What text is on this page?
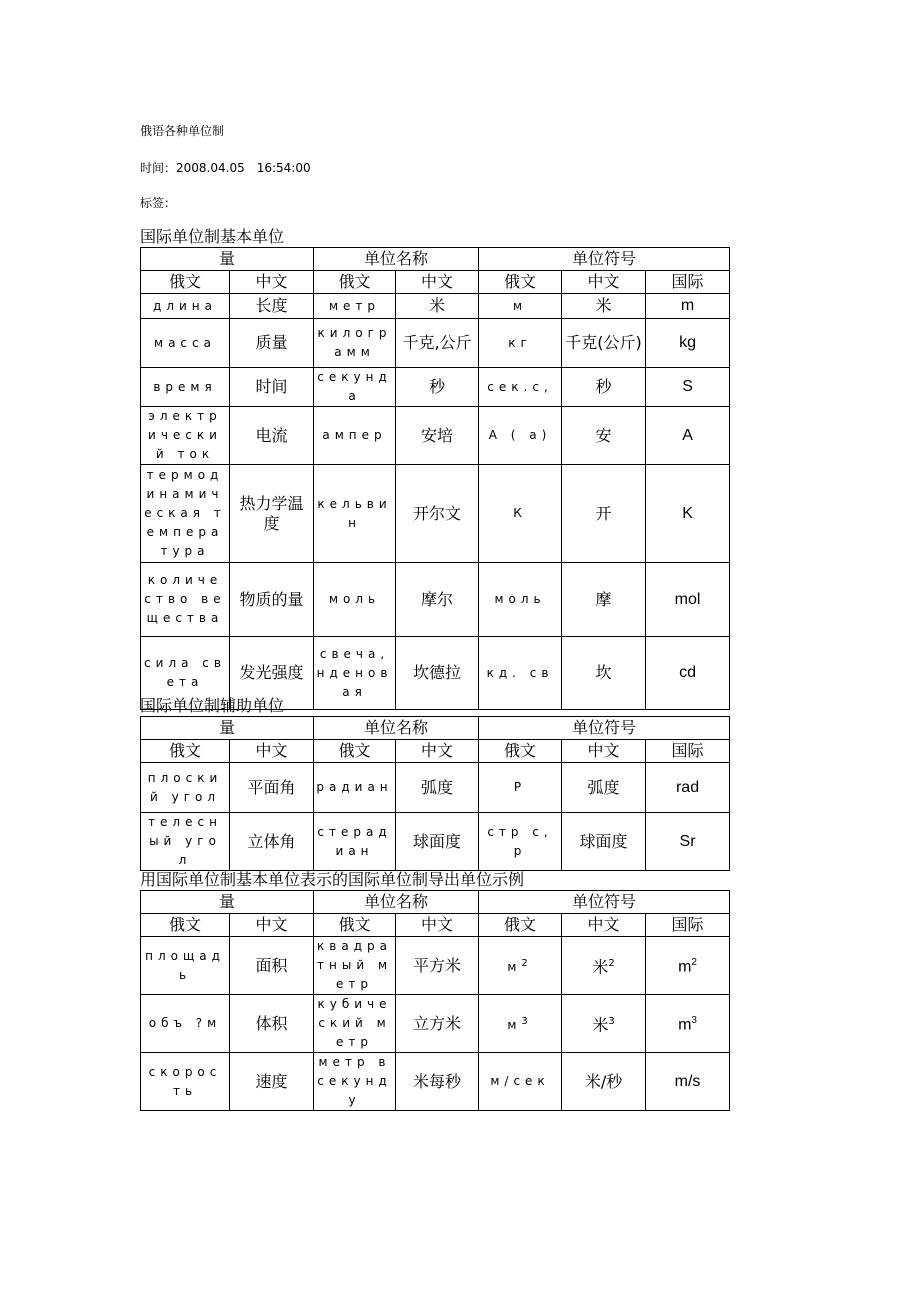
俄语各种单位制
时间：2008.04.05　16:54:00
标签：
国际单位制基本单位
量		单位名称		单位符号		
俄文	中文	俄文	中文	俄文	中文	国际
длина	长度	метр	米	м	米	m
масса	质量	килограмм	千克,公斤	кг	千克(公斤)	kg
время	时间	секунда	秒	сек.с,	秒	S
электрический ток	电流	ампер	安培	А ( а)	安	A
термодинамическая температура	热力学温度	кельвин	开尔文	К	开	K
количество вещества	物质的量	моль	摩尔	моль	摩	mol
сила света	发光强度	свеча, нденовая	坎德拉	кд. св	坎	cd
国际单位制辅助单位
量		单位名称		单位符号		
俄文	中文	俄文	中文	俄文	中文	国际
плоский угол	平面角	радиан	弧度	Р	弧度	rad
телесный угол	立体角	стерадиан	球面度	стр с,р	球面度	Sr
用国际单位制基本单位表示的国际单位制导出单位示例
量		单位名称		单位符号		
俄文	中文	俄文	中文	俄文	中文	国际
площадь	面积	квадратный метр	平方米	$м^2$	米$^2$	$m^2$
объ ?м	体积	кубический метр	立方米	$м^3$	米$^3$	$m^3$
скорость	速度	метр в секунду	米每秒	м/сек	米/秒	m/s
